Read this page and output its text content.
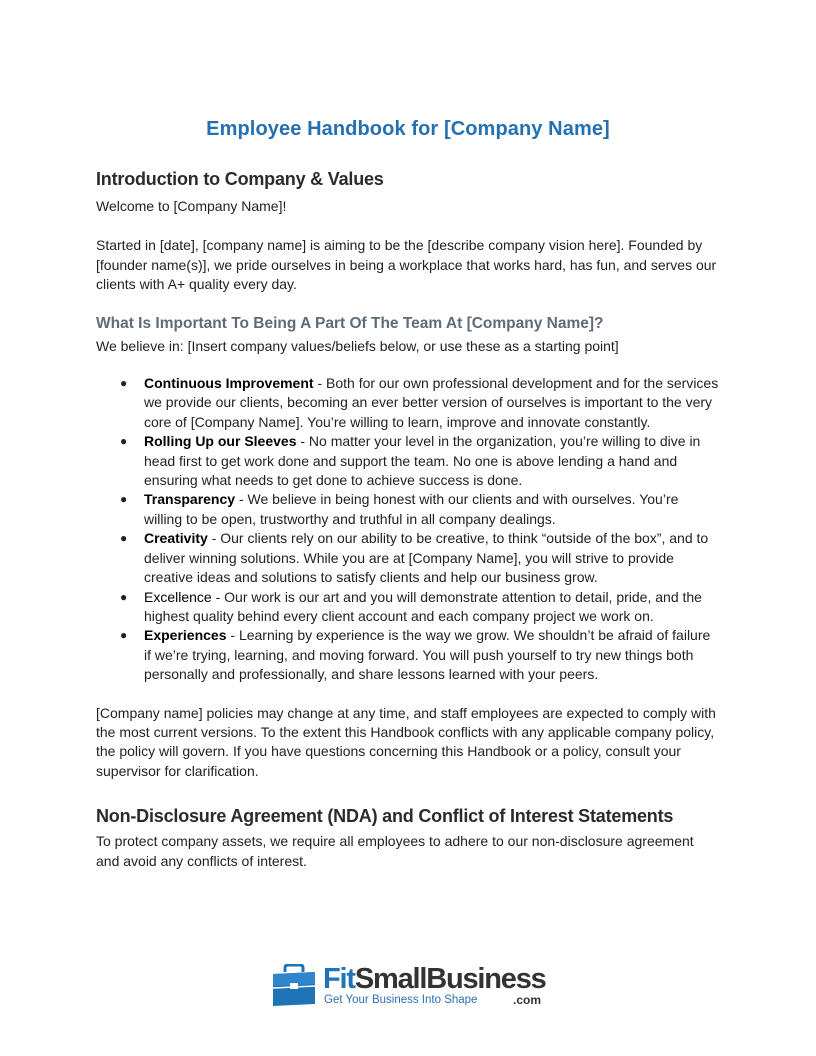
Employee Handbook for [Company Name]
Introduction to Company & Values

Welcome to [Company Name]!

Started in [date], [company name] is aiming to be the [describe company vision here]. Founded by [founder name(s)], we pride ourselves in being a workplace that works hard, has fun, and serves our clients with A+ quality every day.

What Is Important To Being A Part Of The Team At [Company Name]?

We believe in: [Insert company values/beliefs below, or use these as a starting point]

● Continuous Improvement - Both for our own professional development and for the services we provide our clients, becoming an ever better version of ourselves is important to the very core of [Company Name]. You’re willing to learn, improve and innovate constantly.
● Rolling Up our Sleeves - No matter your level in the organization, you’re willing to dive in head first to get work done and support the team. No one is above lending a hand and ensuring what needs to get done to achieve success is done.
● Transparency - We believe in being honest with our clients and with ourselves. You’re willing to be open, trustworthy and truthful in all company dealings.
● Creativity - Our clients rely on our ability to be creative, to think “outside of the box”, and to deliver winning solutions. While you are at [Company Name], you will strive to provide creative ideas and solutions to satisfy clients and help our business grow.
● Excellence - Our work is our art and you will demonstrate attention to detail, pride, and the highest quality behind every client account and each company project we work on.
● Experiences - Learning by experience is the way we grow. We shouldn’t be afraid of failure if we’re trying, learning, and moving forward. You will push yourself to try new things both personally and professionally, and share lessons learned with your peers.

[Company name] policies may change at any time, and staff employees are expected to comply with the most current versions. To the extent this Handbook conflicts with any applicable company policy, the policy will govern. If you have questions concerning this Handbook or a policy, consult your supervisor for clarification.

Non-Disclosure Agreement (NDA) and Conflict of Interest Statements

To protect company assets, we require all employees to adhere to our non-disclosure agreement and avoid any conflicts of interest.

FitSmallBusiness
Get Your Business Into Shape	.com
